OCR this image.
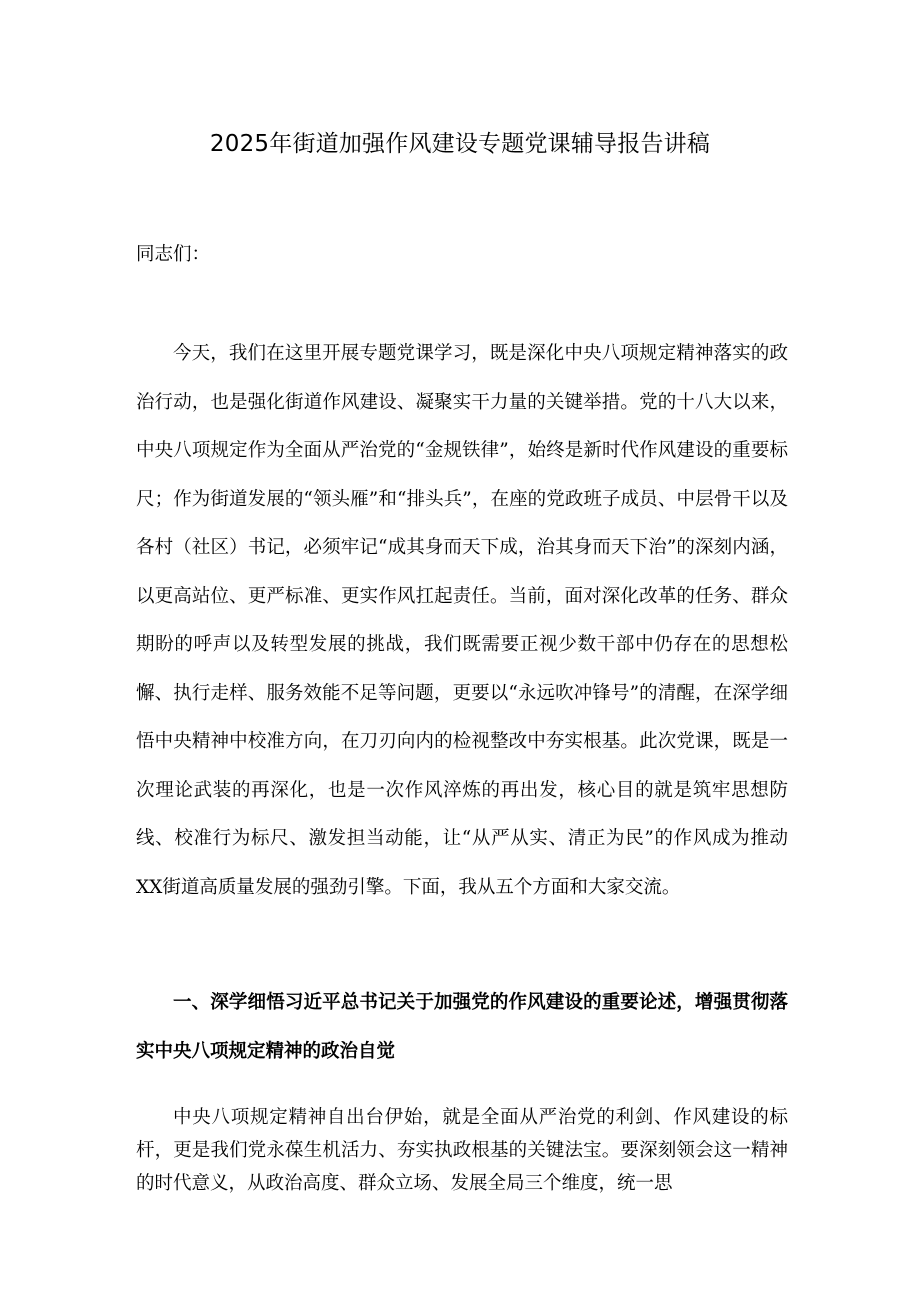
2025年街道加强作风建设专题党课辅导报告讲稿

同志们：

今天，我们在这里开展专题党课学习，既是深化中央八项规定精神落实的政治行动，也是强化街道作风建设、凝聚实干力量的关键举措。党的十八大以来，中央八项规定作为全面从严治党的“金规铁律”，始终是新时代作风建设的重要标尺；作为街道发展的“领头雁”和“排头兵”，在座的党政班子成员、中层骨干以及各村（社区）书记，必须牢记“成其身而天下成，治其身而天下治”的深刻内涵，以更高站位、更严标准、更实作风扛起责任。当前，面对深化改革的任务、群众期盼的呼声以及转型发展的挑战，我们既需要正视少数干部中仍存在的思想松懈、执行走样、服务效能不足等问题，更要以“永远吹冲锋号”的清醒，在深学细悟中央精神中校准方向，在刀刃向内的检视整改中夯实根基。此次党课，既是一次理论武装的再深化，也是一次作风淬炼的再出发，核心目的就是筑牢思想防线、校准行为标尺、激发担当动能，让“从严从实、清正为民”的作风成为推动XX街道高质量发展的强劲引擎。下面，我从五个方面和大家交流。

一、深学细悟习近平总书记关于加强党的作风建设的重要论述，增强贯彻落实中央八项规定精神的政治自觉

中央八项规定精神自出台伊始，就是全面从严治党的利剑、作风建设的标杆，更是我们党永葆生机活力、夯实执政根基的关键法宝。要深刻领会这一精神的时代意义，从政治高度、群众立场、发展全局三个维度，统一思
